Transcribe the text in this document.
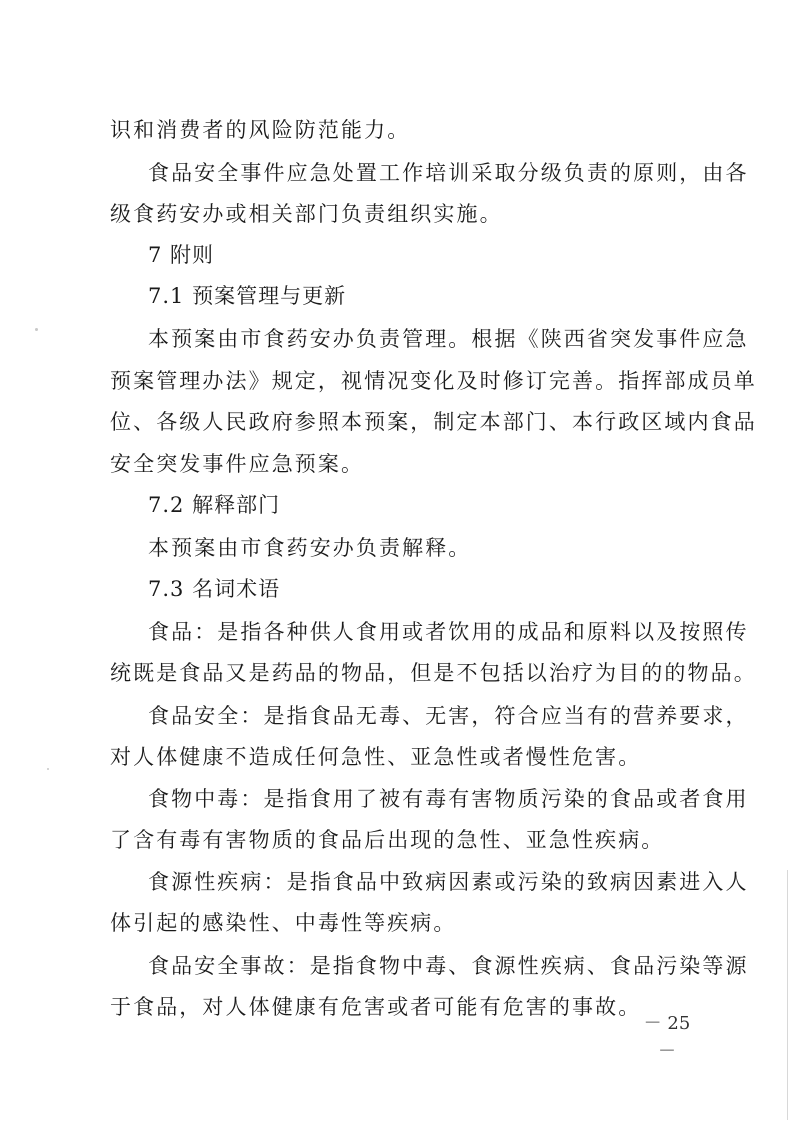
识和消费者的风险防范能力。
食品安全事件应急处置工作培训采取分级负责的原则，由各
级食药安办或相关部门负责组织实施。
7 附则
7.1 预案管理与更新
本预案由市食药安办负责管理。根据《陕西省突发事件应急
预案管理办法》规定，视情况变化及时修订完善。指挥部成员单
位、各级人民政府参照本预案，制定本部门、本行政区域内食品
安全突发事件应急预案。
7.2 解释部门
本预案由市食药安办负责解释。
7.3 名词术语
食品：是指各种供人食用或者饮用的成品和原料以及按照传
统既是食品又是药品的物品，但是不包括以治疗为目的的物品。
食品安全：是指食品无毒、无害，符合应当有的营养要求，
对人体健康不造成任何急性、亚急性或者慢性危害。
食物中毒：是指食用了被有毒有害物质污染的食品或者食用
了含有毒有害物质的食品后出现的急性、亚急性疾病。
食源性疾病：是指食品中致病因素或污染的致病因素进入人
体引起的感染性、中毒性等疾病。
食品安全事故：是指食物中毒、食源性疾病、食品污染等源
于食品，对人体健康有危害或者可能有危害的事故。
－ 25 －
